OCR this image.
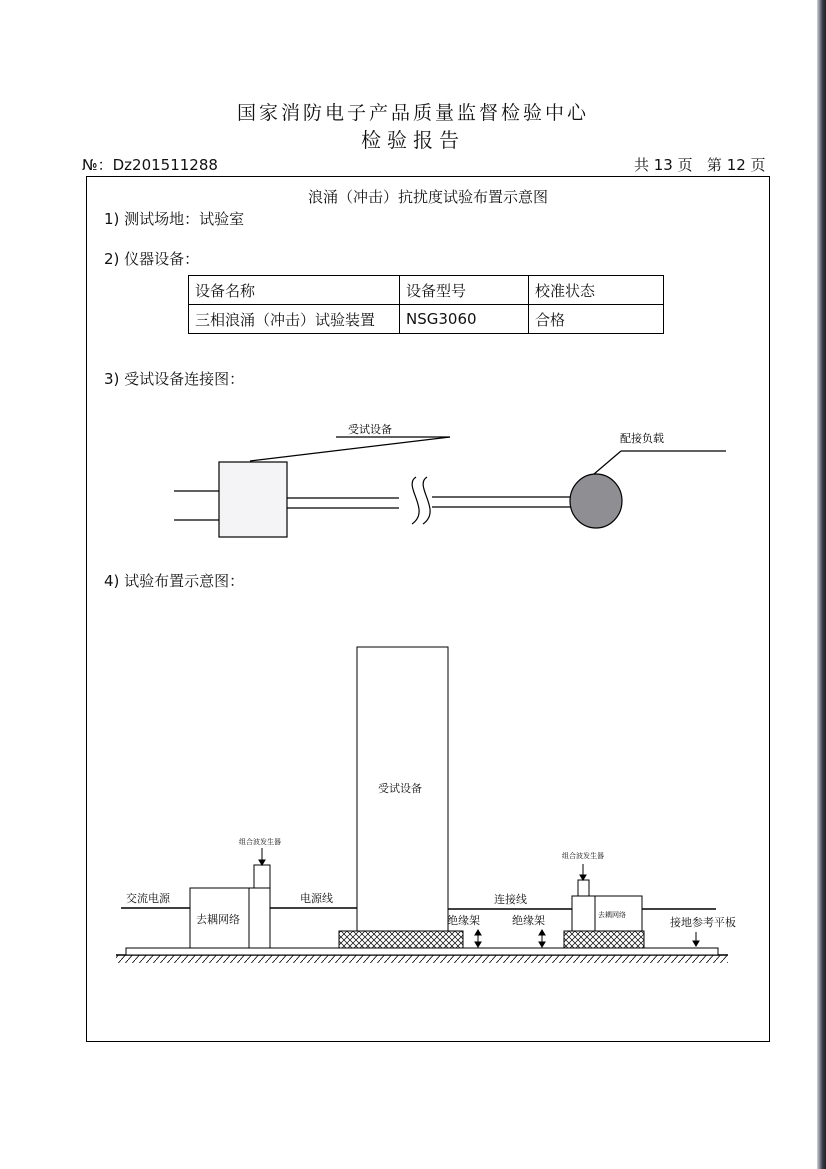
国家消防电子产品质量监督检验中心
检验报告
№：Dz201511288	共 13 页   第 12 页
浪涌（冲击）抗扰度试验布置示意图
1) 测试场地：试验室
2) 仪器设备：
设备名称	设备型号	校准状态
三相浪涌（冲击）试验装置	NSG3060	合格
3) 受试设备连接图：
受试设备
配接负载
4) 试验布置示意图：
受试设备
组合波发生器
组合波发生器
交流电源
去耦网络	去耦网络
电源线	连接线
绝缘架	绝缘架	接地参考平板
